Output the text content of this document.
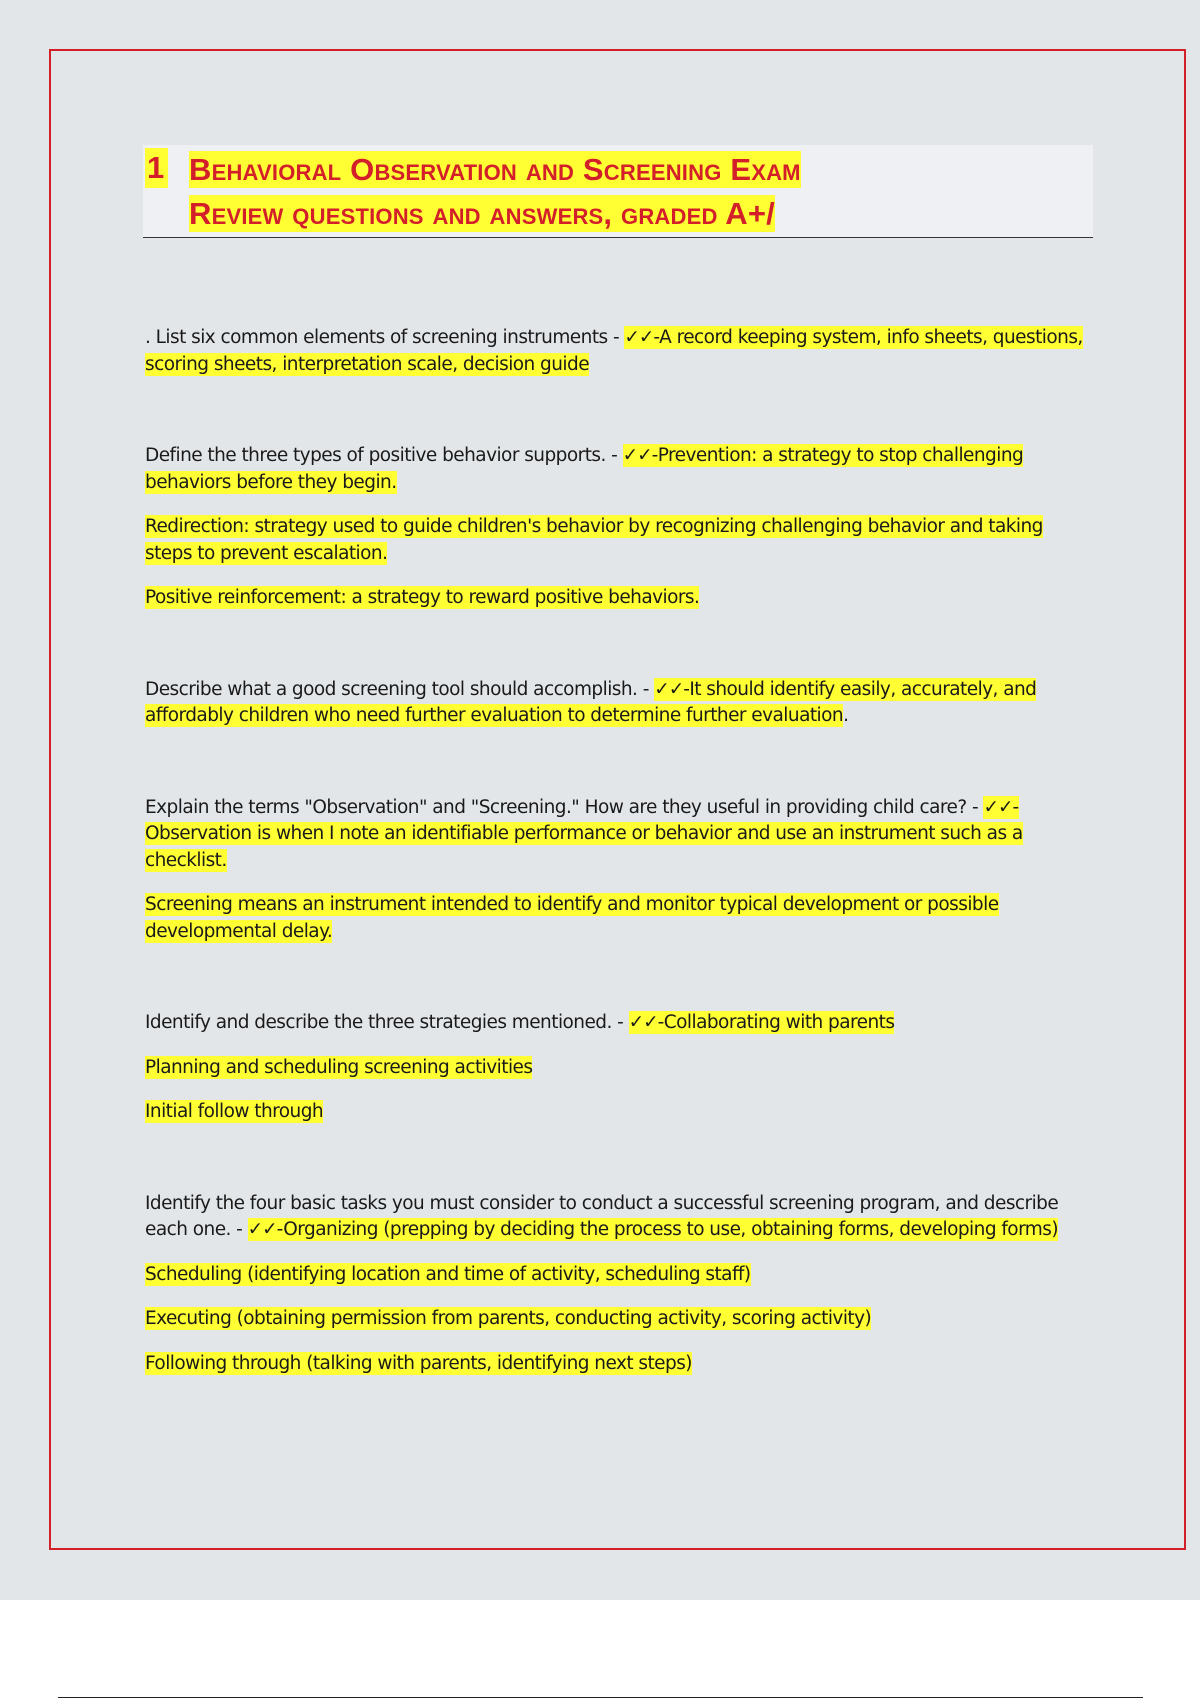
1 Behavioral Observation and Screening Exam
Review questions and answers, graded A+/

. List six common elements of screening instruments - ✓✓-A record keeping system, info sheets, questions, scoring sheets, interpretation scale, decision guide

Define the three types of positive behavior supports. - ✓✓-Prevention: a strategy to stop challenging behaviors before they begin.

Redirection: strategy used to guide children's behavior by recognizing challenging behavior and taking steps to prevent escalation.

Positive reinforcement: a strategy to reward positive behaviors.

Describe what a good screening tool should accomplish. - ✓✓-It should identify easily, accurately, and affordably children who need further evaluation to determine further evaluation.

Explain the terms "Observation" and "Screening." How are they useful in providing child care? - ✓✓-Observation is when I note an identifiable performance or behavior and use an instrument such as a checklist.

Screening means an instrument intended to identify and monitor typical development or possible developmental delay.

Identify and describe the three strategies mentioned. - ✓✓-Collaborating with parents

Planning and scheduling screening activities

Initial follow through

Identify the four basic tasks you must consider to conduct a successful screening program, and describe each one. - ✓✓-Organizing (prepping by deciding the process to use, obtaining forms, developing forms)

Scheduling (identifying location and time of activity, scheduling staff)

Executing (obtaining permission from parents, conducting activity, scoring activity)

Following through (talking with parents, identifying next steps)
